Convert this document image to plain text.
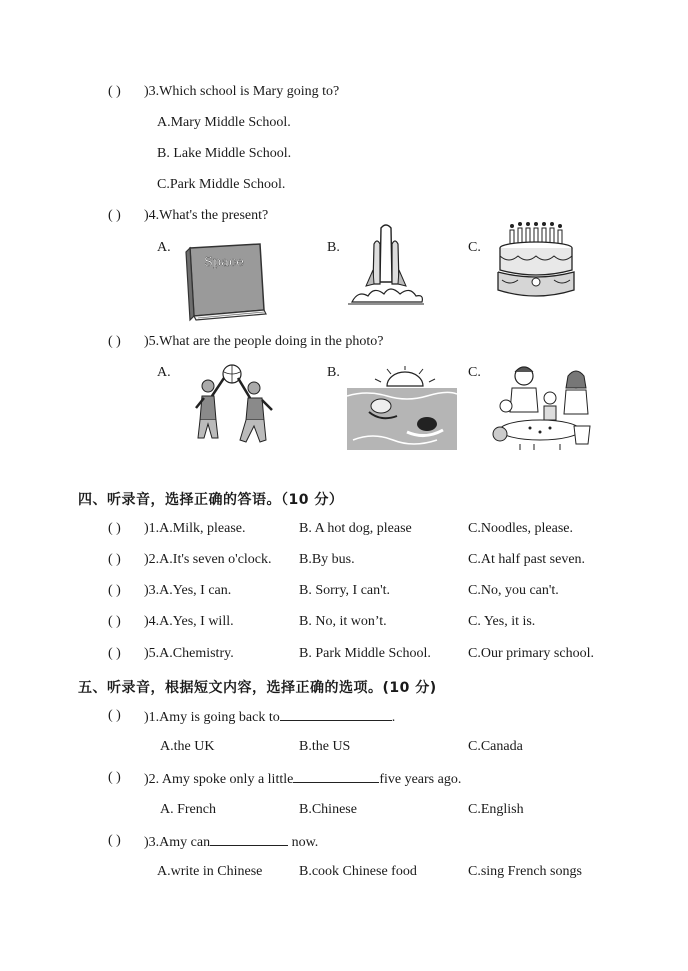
( ) )3.Which school is Mary going to?
A.Mary Middle School.
B. Lake Middle School.
C.Park Middle School.
( ) )4.What's the present?
A.
Space
B.	C.
( ) )5.What are the people doing in the photo?
A.	B.	C.
四、听录音，选择正确的答语。（10 分）
( ) )1.A.Milk, please.	B. A hot dog, please	C.Noodles, please.
( ) )2.A.It's seven o'clock. B.By bus.	C.At half past seven.
( ) )3.A.Yes, I can.	B. Sorry, I can't.	C.No, you can't.
( ) )4.A.Yes, I will.	B. No, it won’t.	C. Yes, it is.
( ) )5.A.Chemistry.	B. Park Middle School.	C.Our primary school.
五、听录音，根据短文内容，选择正确的选项。(10 分)
( ) )1.Amy is going back to	.
A.the UK	B.the US	C.Canada
( ) )2. Amy spoke only a little	five years ago.
A. French	B.Chinese	C.English
( ) )3.Amy can	now.
A.write in Chinese	B.cook Chinese food	C.sing French songs
